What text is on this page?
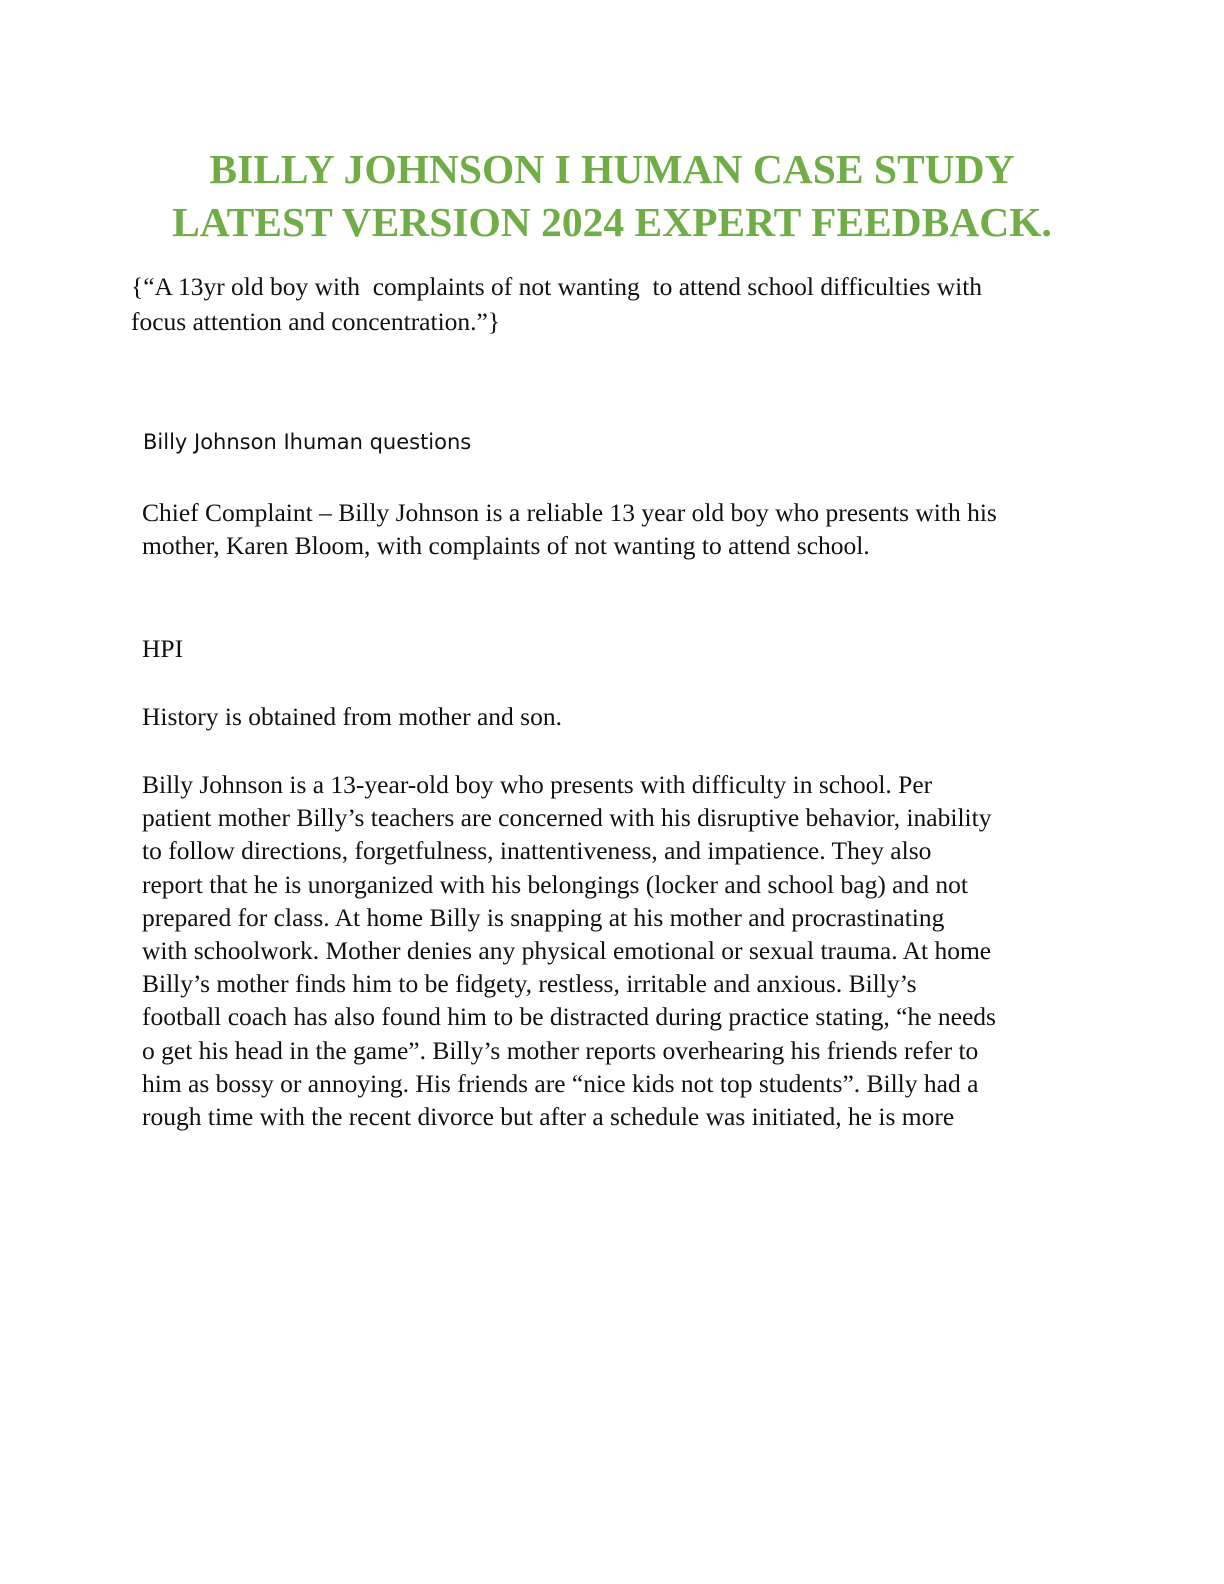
BILLY JOHNSON I HUMAN CASE STUDY
LATEST VERSION 2024 EXPERT FEEDBACK.

{“A 13yr old boy with  complaints of not wanting  to attend school difficulties with
focus attention and concentration.”}

Billy Johnson Ihuman questions

Chief Complaint – Billy Johnson is a reliable 13 year old boy who presents with his
mother, Karen Bloom, with complaints of not wanting to attend school.

HPI

History is obtained from mother and son.

Billy Johnson is a 13-year-old boy who presents with difficulty in school. Per
patient mother Billy’s teachers are concerned with his disruptive behavior, inability
to follow directions, forgetfulness, inattentiveness, and impatience. They also
report that he is unorganized with his belongings (locker and school bag) and not
prepared for class. At home Billy is snapping at his mother and procrastinating
with schoolwork. Mother denies any physical emotional or sexual trauma. At home
Billy’s mother finds him to be fidgety, restless, irritable and anxious. Billy’s
football coach has also found him to be distracted during practice stating, “he needs
o get his head in the game”. Billy’s mother reports overhearing his friends refer to
him as bossy or annoying. His friends are “nice kids not top students”. Billy had a
rough time with the recent divorce but after a schedule was initiated, he is more
